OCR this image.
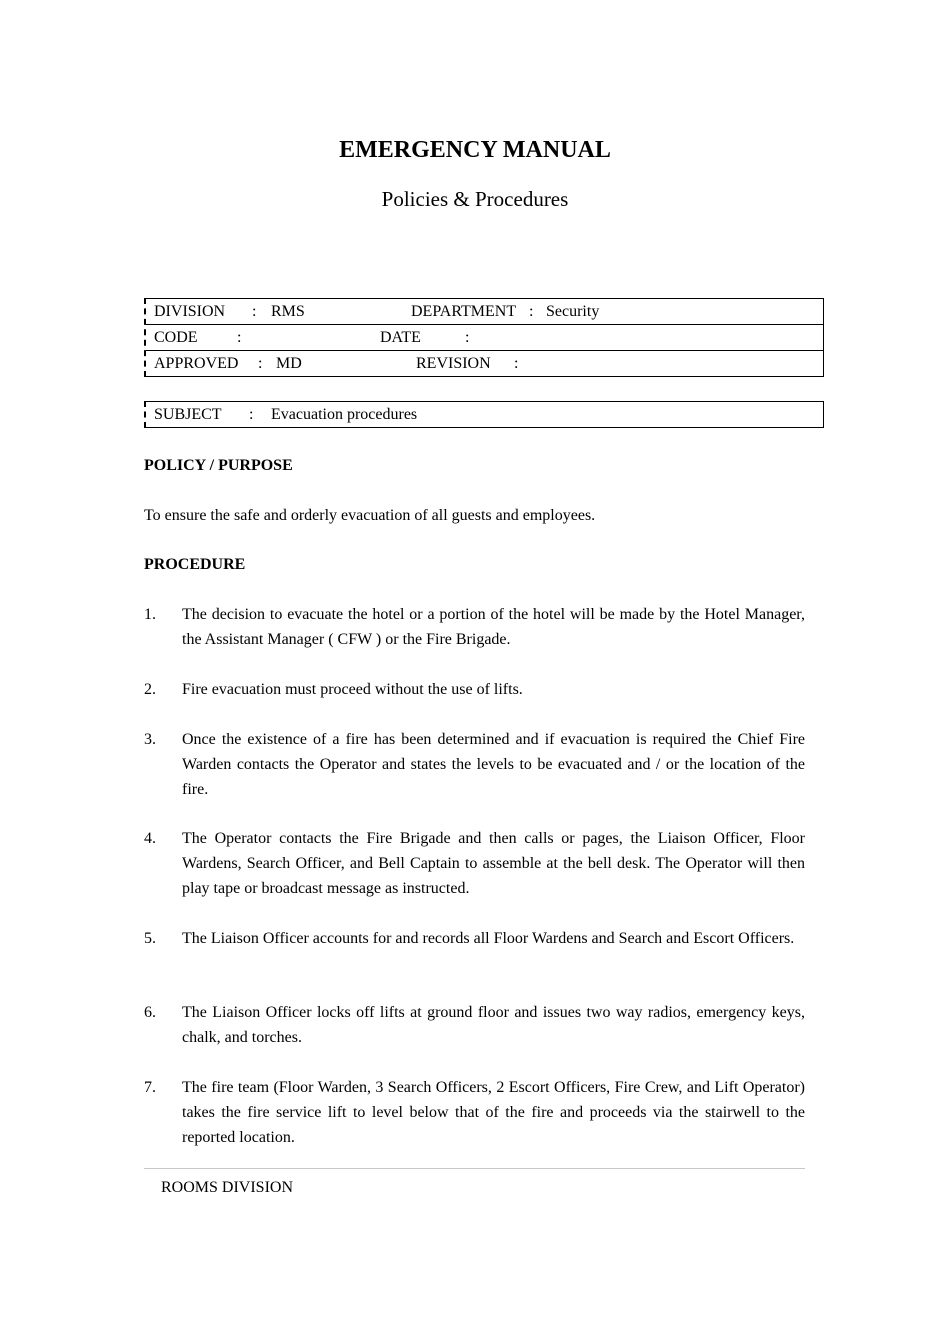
EMERGENCY MANUAL
Policies & Procedures
DIVISION : RMS	DEPARTMENT : Security
CODE :	DATE	:
APPROVED : MD	REVISION :
SUBJECT : Evacuation procedures
POLICY / PURPOSE
To ensure the safe and orderly evacuation of all guests and employees.
PROCEDURE
1. The decision to evacuate the hotel or a portion of the hotel will be made by the Hotel Manager, the Assistant Manager ( CFW ) or the Fire Brigade.
2. Fire evacuation must proceed without the use of lifts.
3. Once the existence of a fire has been determined and if evacuation is required the Chief Fire Warden contacts the Operator and states the levels to be evacuated and / or the location of the fire.
4. The Operator contacts the Fire Brigade and then calls or pages, the Liaison Officer, Floor Wardens, Search Officer, and Bell Captain to assemble at the bell desk. The Operator will then play tape or broadcast message as instructed.
5. The Liaison Officer accounts for and records all Floor Wardens and Search and Escort Officers.
6. The Liaison Officer locks off lifts at ground floor and issues two way radios, emergency keys, chalk, and torches.
7. The fire team (Floor Warden, 3 Search Officers, 2 Escort Officers, Fire Crew, and Lift Operator) takes the fire service lift to level below that of the fire and proceeds via the stairwell to the reported location.
ROOMS DIVISION
